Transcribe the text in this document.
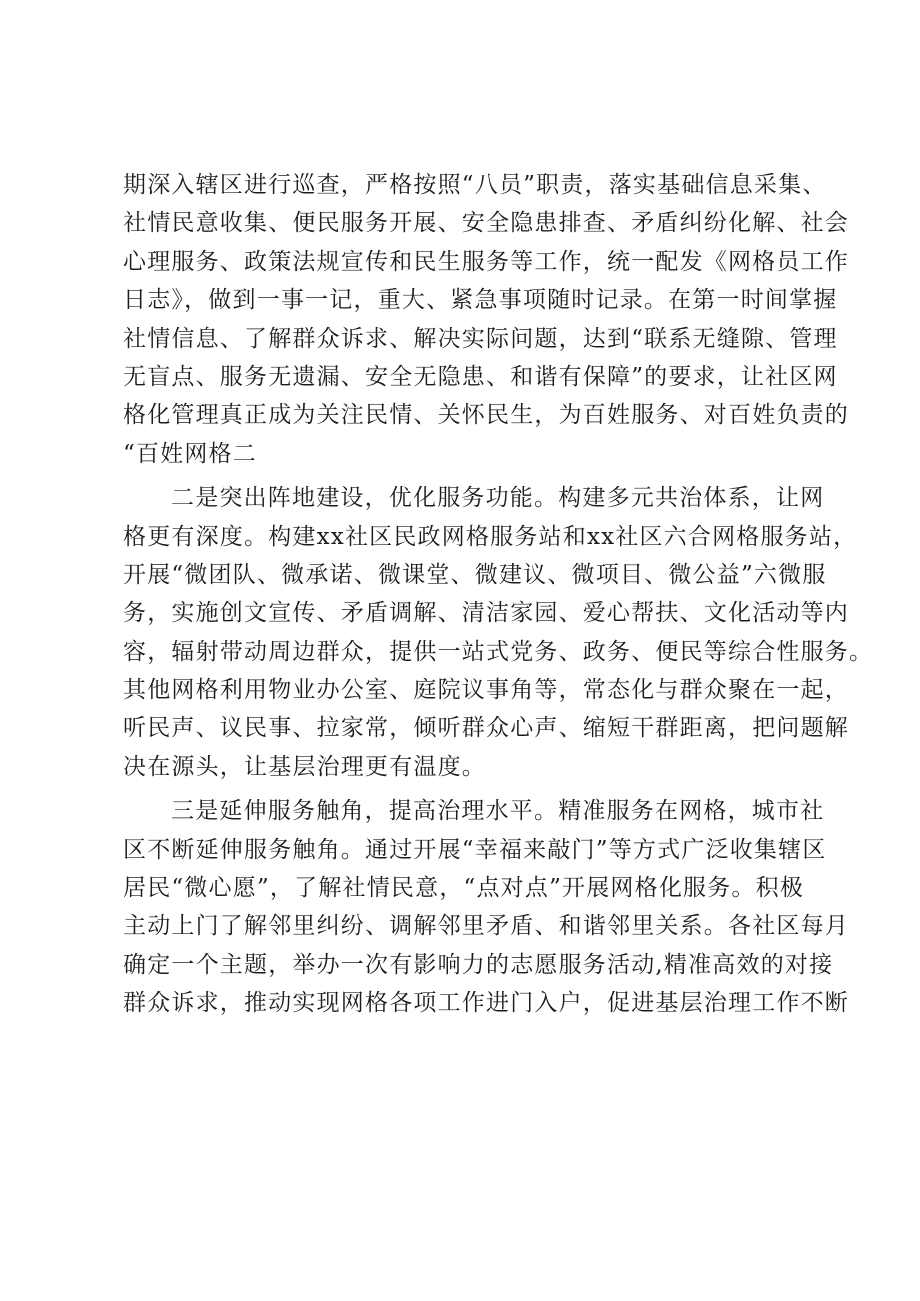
期深入辖区进行巡查，严格按照“八员”职责，落实基础信息采集、
社情民意收集、便民服务开展、安全隐患排查、矛盾纠纷化解、社会
心理服务、政策法规宣传和民生服务等工作，统一配发《网格员工作
日志》，做到一事一记，重大、紧急事项随时记录。在第一时间掌握
社情信息、了解群众诉求、解决实际问题，达到“联系无缝隙、管理
无盲点、服务无遗漏、安全无隐患、和谐有保障”的要求，让社区网
格化管理真正成为关注民情、关怀民生，为百姓服务、对百姓负责的
“百姓网格二
二是突出阵地建设，优化服务功能。构建多元共治体系，让网
格更有深度。构建xx社区民政网格服务站和xx社区六合网格服务站，
开展“微团队、微承诺、微课堂、微建议、微项目、微公益”六微服
务，实施创文宣传、矛盾调解、清洁家园、爱心帮扶、文化活动等内
容，辐射带动周边群众，提供一站式党务、政务、便民等综合性服务。
其他网格利用物业办公室、庭院议事角等，常态化与群众聚在一起，
听民声、议民事、拉家常，倾听群众心声、缩短干群距离，把问题解
决在源头，让基层治理更有温度。
三是延伸服务触角，提高治理水平。精准服务在网格，城市社
区不断延伸服务触角。通过开展“幸福来敲门”等方式广泛收集辖区
居民“微心愿”，了解社情民意，“点对点”开展网格化服务。积极
主动上门了解邻里纠纷、调解邻里矛盾、和谐邻里关系。各社区每月
确定一个主题，举办一次有影响力的志愿服务活动,精准高效的对接
群众诉求，推动实现网格各项工作进门入户，促进基层治理工作不断
